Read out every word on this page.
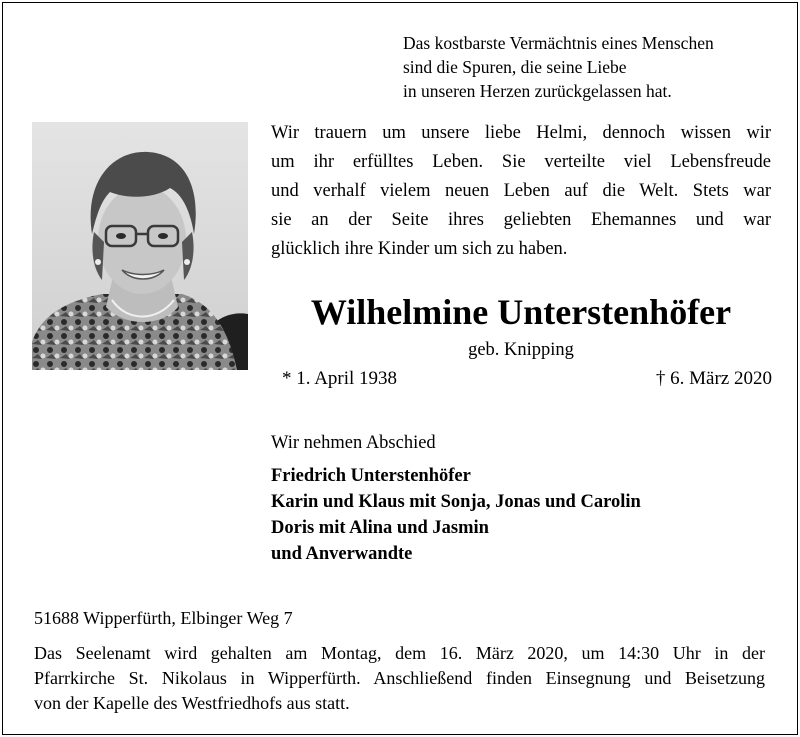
Das kostbarste Vermächtnis eines Menschen
sind die Spuren, die seine Liebe
in unseren Herzen zurückgelassen hat.
Wir trauern um unsere liebe Helmi, dennoch wissen wir
um ihr erfülltes Leben. Sie verteilte viel Lebensfreude
und verhalf vielem neuen Leben auf die Welt. Stets war
sie an der Seite ihres geliebten Ehemannes und war
glücklich ihre Kinder um sich zu haben.
Wilhelmine Unterstenhöfer
geb. Knipping
* 1. April 1938	† 6. März 2020
Wir nehmen Abschied
Friedrich Unterstenhöfer
Karin und Klaus mit Sonja, Jonas und Carolin
Doris mit Alina und Jasmin
und Anverwandte
51688 Wipperfürth, Elbinger Weg 7
Das Seelenamt wird gehalten am Montag, dem 16. März 2020, um 14:30 Uhr in der
Pfarrkirche St. Nikolaus in Wipperfürth. Anschließend finden Einsegnung und Beisetzung
von der Kapelle des Westfriedhofs aus statt.
